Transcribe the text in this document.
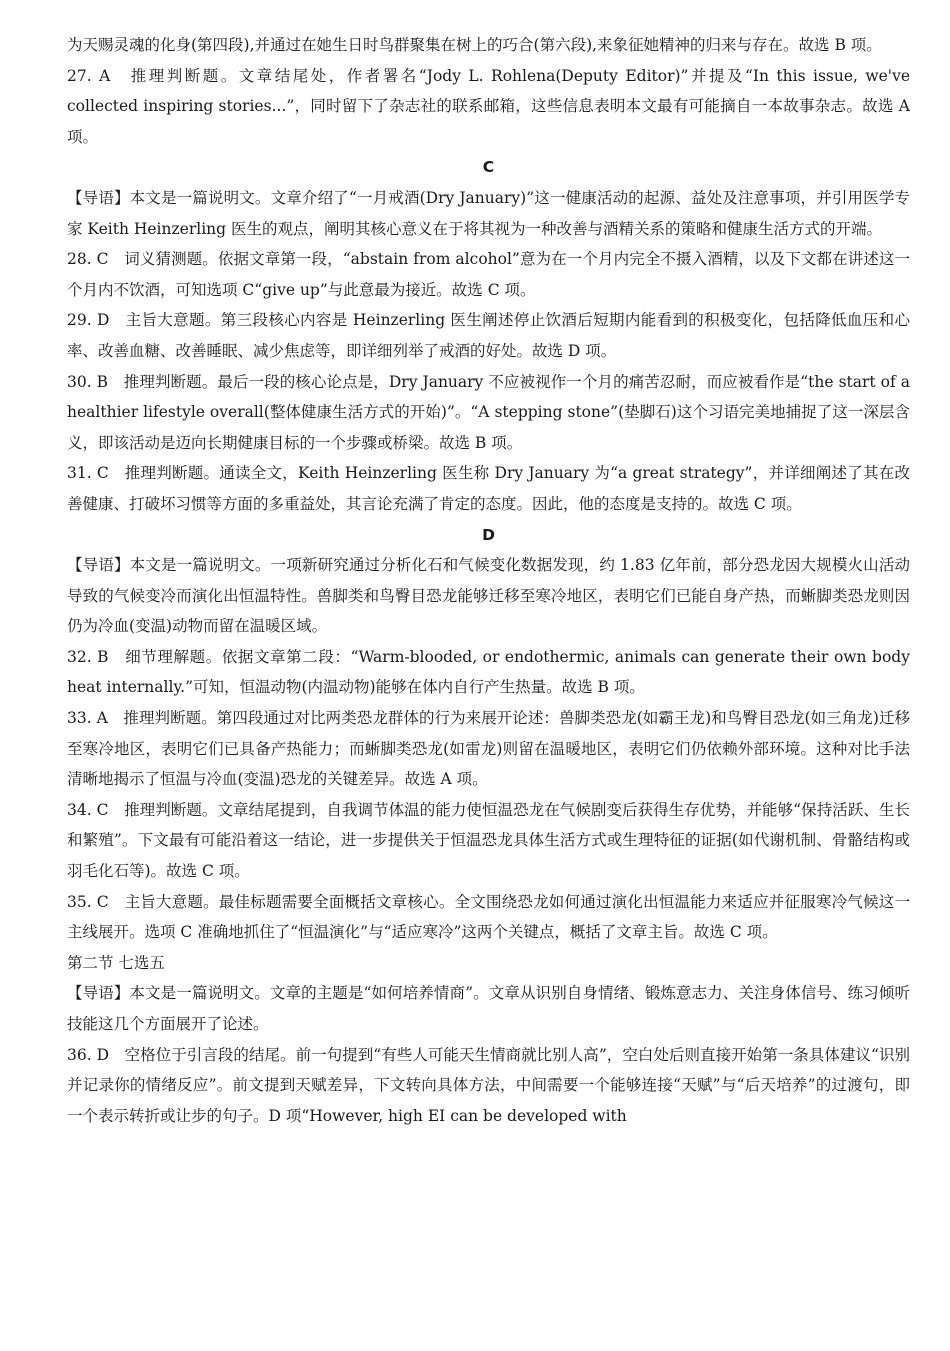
为天赐灵魂的化身(第四段),并通过在她生日时鸟群聚集在树上的巧合(第六段),来象征她精神的归来与存在。故选 B 项。

27. A　推理判断题。文章结尾处，作者署名“Jody L. Rohlena(Deputy Editor)”并提及“In this issue, we've collected inspiring stories...”，同时留下了杂志社的联系邮箱，这些信息表明本文最有可能摘自一本故事杂志。故选 A 项。

C

【导语】本文是一篇说明文。文章介绍了“一月戒酒(Dry January)”这一健康活动的起源、益处及注意事项，并引用医学专家 Keith Heinzerling 医生的观点，阐明其核心意义在于将其视为一种改善与酒精关系的策略和健康生活方式的开端。

28. C　词义猜测题。依据文章第一段，“abstain from alcohol”意为在一个月内完全不摄入酒精，以及下文都在讲述这一个月内不饮酒，可知选项 C“give up”与此意最为接近。故选 C 项。

29. D　主旨大意题。第三段核心内容是 Heinzerling 医生阐述停止饮酒后短期内能看到的积极变化，包括降低血压和心率、改善血糖、改善睡眠、减少焦虑等，即详细列举了戒酒的好处。故选 D 项。

30. B　推理判断题。最后一段的核心论点是，Dry January 不应被视作一个月的痛苦忍耐，而应被看作是“the start of a healthier lifestyle overall(整体健康生活方式的开始)”。“A stepping stone”(垫脚石)这个习语完美地捕捉了这一深层含义，即该活动是迈向长期健康目标的一个步骤或桥梁。故选 B 项。

31. C　推理判断题。通读全文，Keith Heinzerling 医生称 Dry January 为“a great strategy”，并详细阐述了其在改善健康、打破坏习惯等方面的多重益处，其言论充满了肯定的态度。因此，他的态度是支持的。故选 C 项。

D

【导语】本文是一篇说明文。一项新研究通过分析化石和气候变化数据发现，约 1.83 亿年前，部分恐龙因大规模火山活动导致的气候变冷而演化出恒温特性。兽脚类和鸟臀目恐龙能够迁移至寒冷地区，表明它们已能自身产热，而蜥脚类恐龙则因仍为冷血(变温)动物而留在温暖区域。

32. B　细节理解题。依据文章第二段：“Warm-blooded, or endothermic, animals can generate their own body heat internally.”可知，恒温动物(内温动物)能够在体内自行产生热量。故选 B 项。

33. A　推理判断题。第四段通过对比两类恐龙群体的行为来展开论述：兽脚类恐龙(如霸王龙)和鸟臀目恐龙(如三角龙)迁移至寒冷地区，表明它们已具备产热能力；而蜥脚类恐龙(如雷龙)则留在温暖地区，表明它们仍依赖外部环境。这种对比手法清晰地揭示了恒温与冷血(变温)恐龙的关键差异。故选 A 项。

34. C　推理判断题。文章结尾提到，自我调节体温的能力使恒温恐龙在气候剧变后获得生存优势，并能够“保持活跃、生长和繁殖”。下文最有可能沿着这一结论，进一步提供关于恒温恐龙具体生活方式或生理特征的证据(如代谢机制、骨骼结构或羽毛化石等)。故选 C 项。

35. C　主旨大意题。最佳标题需要全面概括文章核心。全文围绕恐龙如何通过演化出恒温能力来适应并征服寒冷气候这一主线展开。选项 C 准确地抓住了“恒温演化”与“适应寒冷”这两个关键点，概括了文章主旨。故选 C 项。

第二节 七选五

【导语】本文是一篇说明文。文章的主题是“如何培养情商”。文章从识别自身情绪、锻炼意志力、关注身体信号、练习倾听技能这几个方面展开了论述。

36. D　空格位于引言段的结尾。前一句提到“有些人可能天生情商就比别人高”，空白处后则直接开始第一条具体建议“识别并记录你的情绪反应”。前文提到天赋差异，下文转向具体方法，中间需要一个能够连接“天赋”与“后天培养”的过渡句，即一个表示转折或让步的句子。D 项“However, high EI can be developed with
